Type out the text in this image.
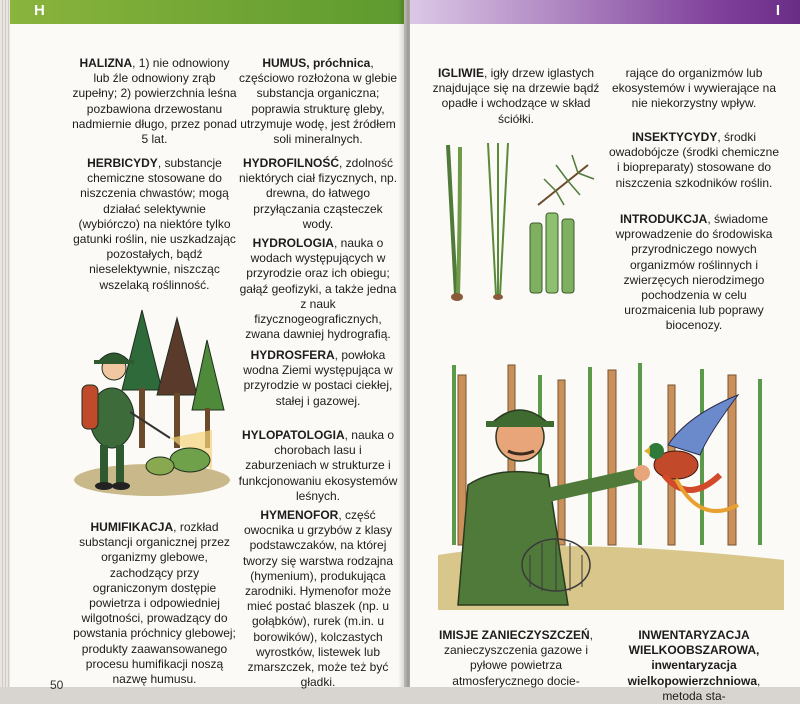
H
HALIZNA, 1) nie odnowiony lub źle odnowiony zrąb zupełny; 2) powierzchnia leśna pozbawiona drzewostanu nadmiernie długo, przez ponad 5 lat.
HERBICYDY, substancje chemiczne stosowane do niszczenia chwastów; mogą działać selektywnie (wybiórczo) na niektóre tylko gatunki roślin, nie uszkadzając pozostałych, bądź nieselektywnie, niszcząc wszelaką roślinność.
HUMIFIKACJA, rozkład substancji organicznej przez organizmy glebowe, zachodzący przy ograniczonym dostępie powietrza i odpowiedniej wilgotności, prowadzący do powstania próchnicy glebowej; produkty zaawansowanego procesu humifikacji noszą nazwę humusu.
HUMUS, próchnica, częściowo rozłożona w glebie substancja organiczna; poprawia strukturę gleby, utrzymuje wodę, jest źródłem soli mineralnych.
HYDROFILNOŚĆ, zdolność niektórych ciał fizycznych, np. drewna, do łatwego przyłączania cząsteczek wody.
HYDROLOGIA, nauka o wodach występujących w przyrodzie oraz ich obiegu; gałąź geofizyki, a także jedna z nauk fizycznogeograficznych, zwana dawniej hydrografią.
HYDROSFERA, powłoka wodna Ziemi występująca w przyrodzie w postaci ciekłej, stałej i gazowej.
HYLOPATOLOGIA, nauka o chorobach lasu i zaburzeniach w strukturze i funkcjonowaniu ekosystemów leśnych.
HYMENOFOR, część owocnika u grzybów z klasy podstawczaków, na której tworzy się warstwa rodzajna (hymenium), produkująca zarodniki. Hymenofor może mieć postać blaszek (np. u gołąbków), rurek (m.in. u borowików), kolczastych wyrostków, listewek lub zmarszczek, może też być gładki.
50
I
IGLIWIE, igły drzew iglastych znajdujące się na drzewie bądź opadłe i wchodzące w skład ściółki.
rające do organizmów lub ekosystemów i wywierające na nie niekorzystny wpływ.
INSEKTYCYDY, środki owadobójcze (środki chemiczne i biopreparaty) stosowane do niszczenia szkodników roślin.
INTRODUKCJA, świadome wprowadzenie do środowiska przyrodniczego nowych organizmów roślinnych i zwierzęcych nierodzimego pochodzenia w celu urozmaicenia lub poprawy biocenozy.
IMISJE ZANIECZYSZCZEŃ, zanieczyszczenia gazowe i pyłowe powietrza atmosferycznego docie-
INWENTARYZACJA WIELKOOBSZAROWA, inwentaryzacja wielkopowierzchniowa, metoda sta-
